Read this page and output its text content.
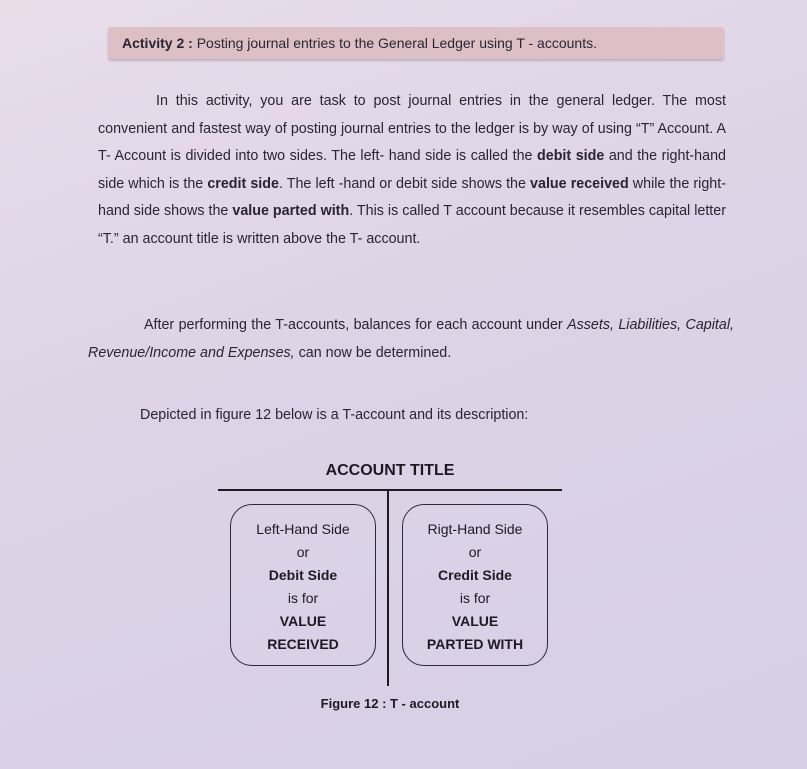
Activity 2 : Posting journal entries to the General Ledger using T - accounts.
In this activity, you are task to post journal entries in the general ledger. The most convenient and fastest way of posting journal entries to the ledger is by way of using “T” Account. A T- Account is divided into two sides. The left- hand side is called the debit side and the right-hand side which is the credit side. The left -hand or debit side shows the value received while the right-hand side shows the value parted with. This is called T account because it resembles capital letter “T.” an account title is written above the T- account.
After performing the T-accounts, balances for each account under Assets, Liabilities, Capital, Revenue/Income and Expenses, can now be determined.
Depicted in figure 12 below is a T-account and its description:
ACCOUNT TITLE
Left-Hand Side
or
Debit Side
is for
VALUE
RECEIVED
Rigt-Hand Side
or
Credit Side
is for
VALUE
PARTED WITH
Figure 12 : T - account
